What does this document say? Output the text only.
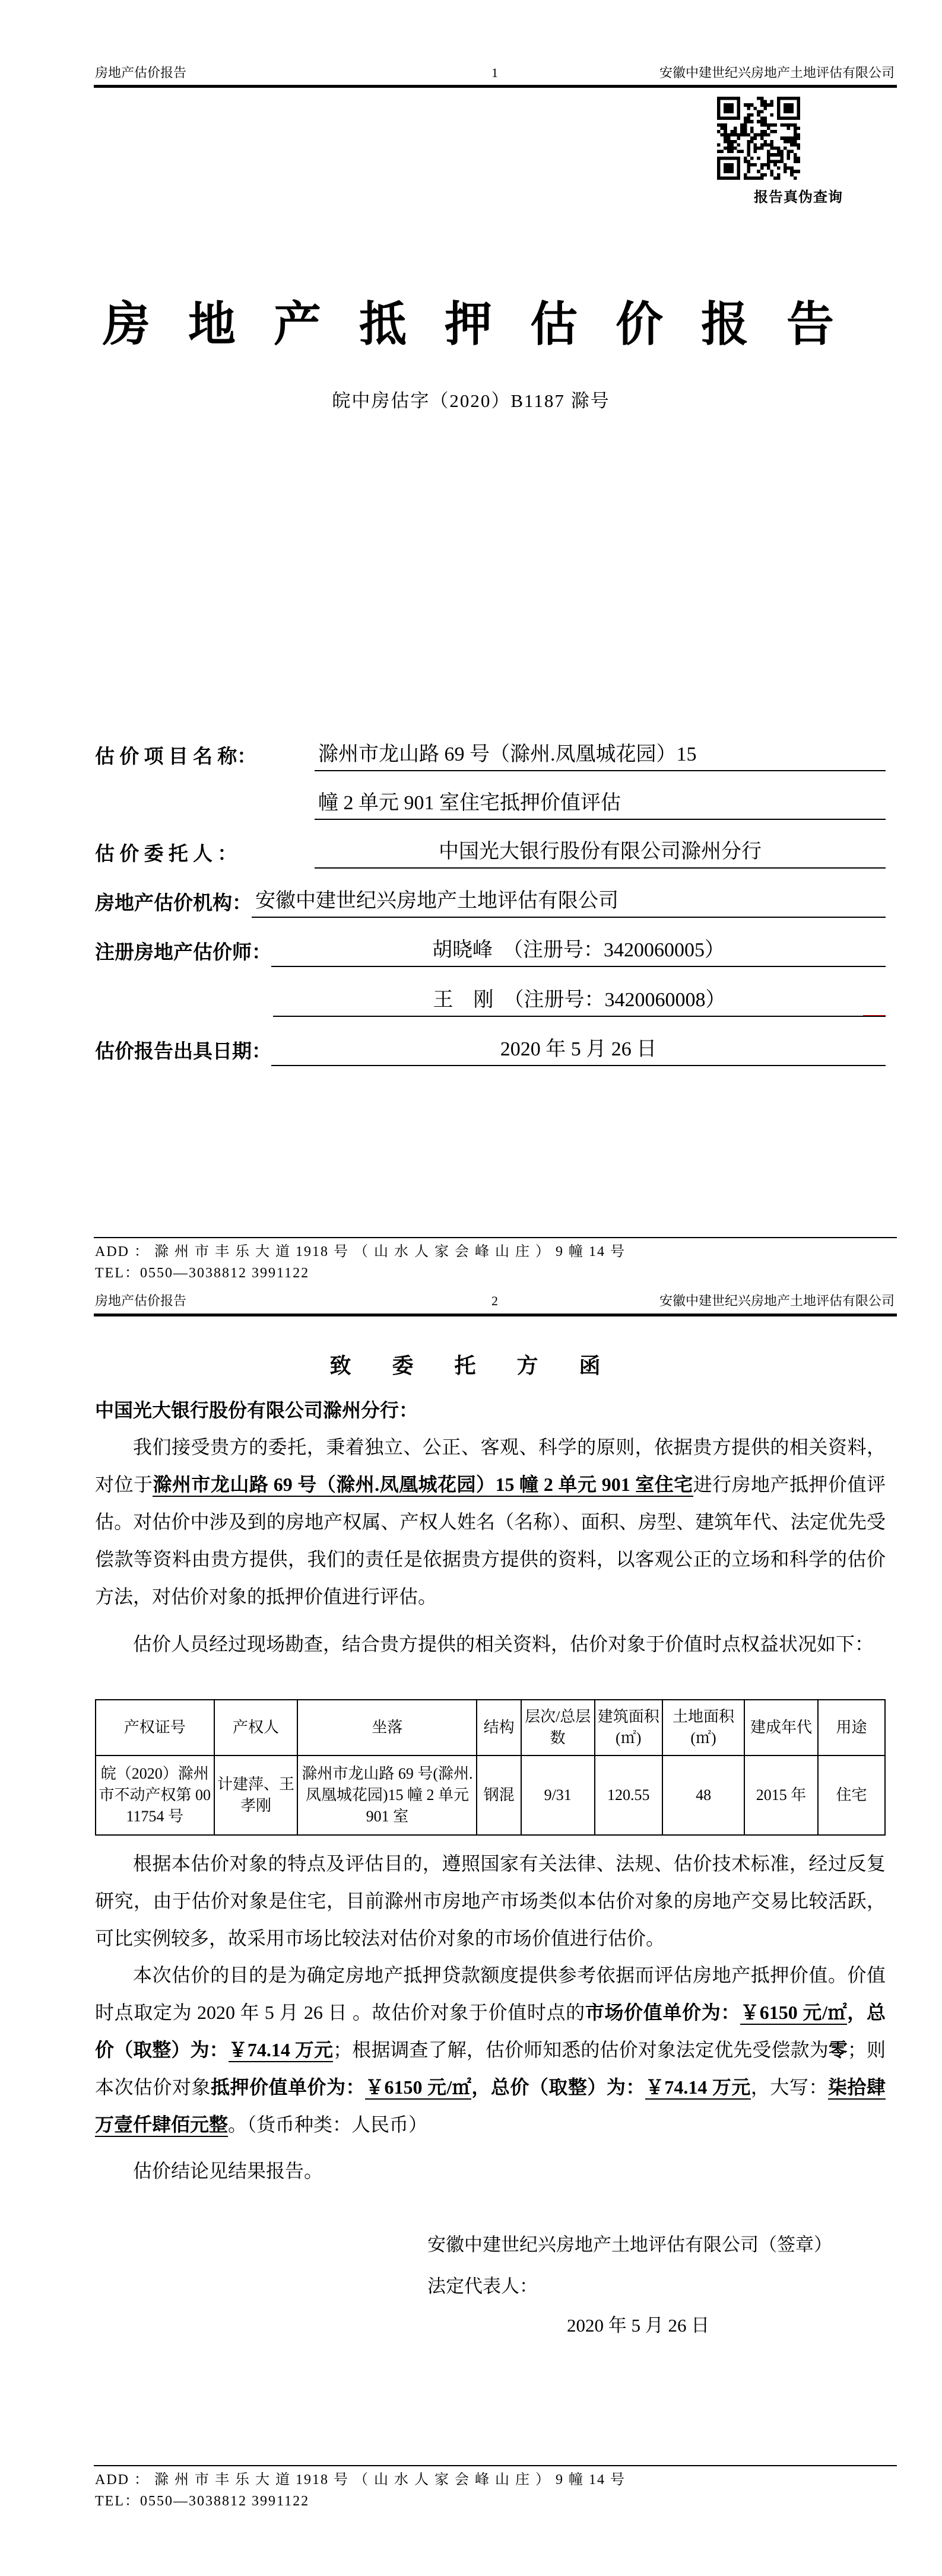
房地产估价报告	1	安徽中建世纪兴房地产土地评估有限公司
报告真伪查询
房 地 产 抵 押 估 价 报 告
皖中房估字（2020）B1187 滁号
估 价 项 目 名 称：	滁州市龙山路 69 号（滁州.凤凰城花园）15
幢 2 单元 901 室住宅抵押价值评估
估 价 委 托 人 ：	中国光大银行股份有限公司滁州分行
房地产估价机构： 安徽中建世纪兴房地产土地评估有限公司
注册房地产估价师：	胡晓峰　（注册号：3420060005）
王　刚　（注册号：3420060008）
估价报告出具日期：	2020 年 5 月 26 日
ADD ： 滁 州 市 丰 乐 大 道 1918 号 （ 山 水 人 家 会 峰 山 庄 ） 9 幢 14 号
TEL：0550—3038812 3991122
房地产估价报告	2	安徽中建世纪兴房地产土地评估有限公司
致 委 托 方 函
中国光大银行股份有限公司滁州分行：
我们接受贵方的委托，秉着独立、公正、客观、科学的原则，依据贵方提供的相关资料，对位于滁州市龙山路 69 号（滁州.凤凰城花园）15 幢 2 单元 901 室住宅进行房地产抵押价值评估。对估价中涉及到的房地产权属、产权人姓名（名称）、面积、房型、建筑年代、法定优先受偿款等资料由贵方提供，我们的责任是依据贵方提供的资料，以客观公正的立场和科学的估价方法，对估价对象的抵押价值进行评估。
估价人员经过现场勘查，结合贵方提供的相关资料，估价对象于价值时点权益状况如下：
产权证号	产权人	坐落	结构	层次/总层数	建筑面积(㎡)	土地面积(㎡)	建成年代	用途
皖（2020）滁州市不动产权第 0011754 号	计建萍、王孝刚	滁州市龙山路 69 号(滁州.凤凰城花园)15 幢 2 单元 901 室	钢混	9/31	120.55	48	2015 年	住宅
根据本估价对象的特点及评估目的，遵照国家有关法律、法规、估价技术标准，经过反复研究，由于估价对象是住宅，目前滁州市房地产市场类似本估价对象的房地产交易比较活跃，可比实例较多，故采用市场比较法对估价对象的市场价值进行估价。
本次估价的目的是为确定房地产抵押贷款额度提供参考依据而评估房地产抵押价值。价值时点取定为 2020 年 5 月 26 日 。故估价对象于价值时点的市场价值单价为：￥6150 元/㎡，总价（取整）为：￥74.14 万元；根据调查了解，估价师知悉的估价对象法定优先受偿款为零；则本次估价对象抵押价值单价为：￥6150 元/㎡，总价（取整）为：￥74.14 万元，大写：柒拾肆万壹仟肆佰元整。（货币种类：人民币）
估价结论见结果报告。
安徽中建世纪兴房地产土地评估有限公司（签章）
法定代表人：
2020 年 5 月 26 日
ADD ： 滁 州 市 丰 乐 大 道 1918 号 （ 山 水 人 家 会 峰 山 庄 ） 9 幢 14 号
TEL：0550—3038812 3991122
